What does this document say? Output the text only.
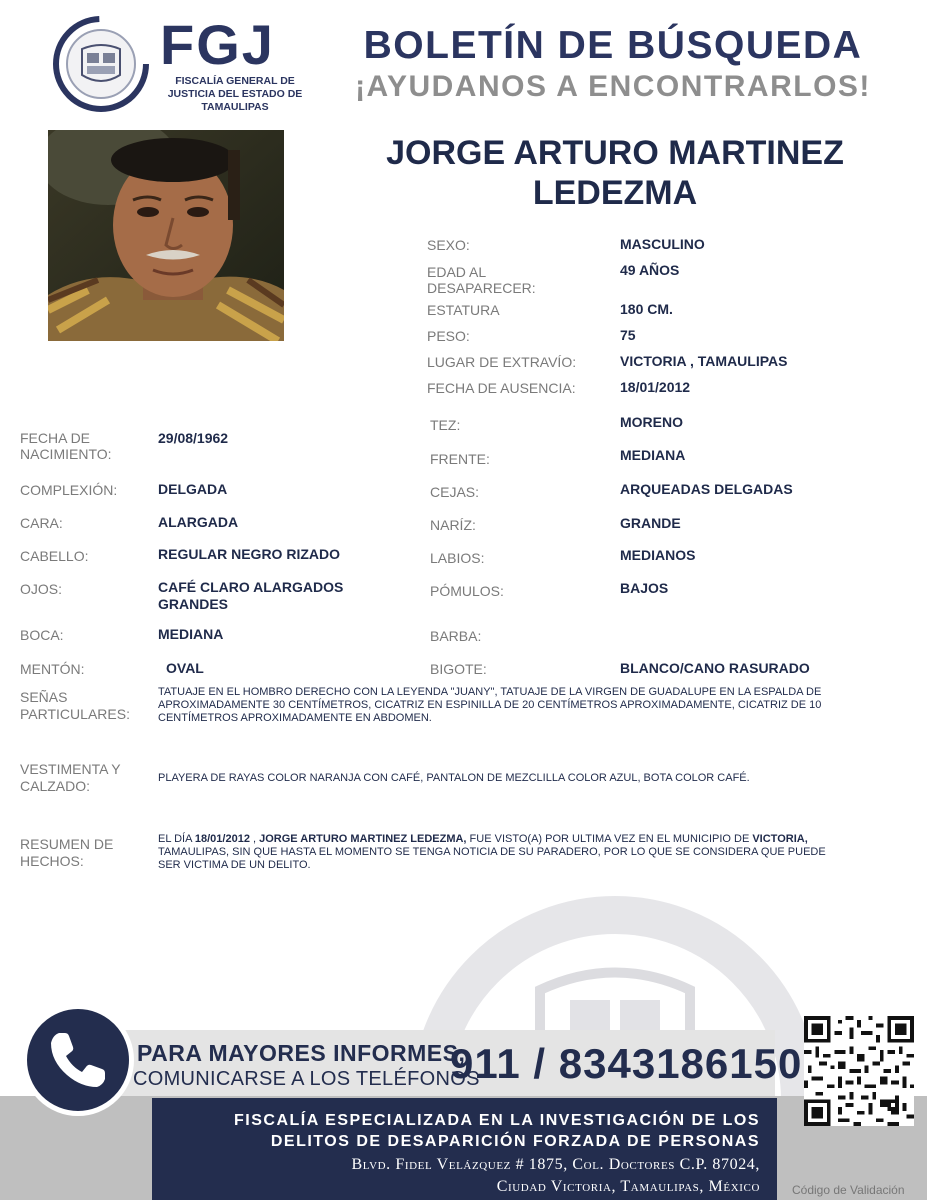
FGJ
FISCALÍA GENERAL DE JUSTICIA DEL ESTADO DE TAMAULIPAS
BOLETÍN DE BÚSQUEDA
¡AYUDANOS A ENCONTRARLOS!
JORGE ARTURO MARTINEZ
LEDEZMA
SEXO:	MASCULINO
EDAD AL
DESAPARECER:
49 AÑOS
ESTATURA	180 CM.
PESO:	75
LUGAR DE EXTRAVÍO:	VICTORIA , TAMAULIPAS
FECHA DE AUSENCIA:	18/01/2012
FECHA DE
NACIMIENTO:
29/08/1962
COMPLEXIÓN:	DELGADA
CARA:	ALARGADA
CABELLO:	REGULAR NEGRO RIZADO
OJOS:	CAFÉ CLARO ALARGADOS
GRANDES
BOCA:	MEDIANA
MENTÓN:	OVAL
TEZ:	MORENO
FRENTE:	MEDIANA
CEJAS:	ARQUEADAS DELGADAS
NARÍZ:	GRANDE
LABIOS:	MEDIANOS
PÓMULOS:	BAJOS
BARBA:
BIGOTE:	BLANCO/CANO RASURADO
SEÑAS
PARTICULARES:
TATUAJE EN EL HOMBRO DERECHO CON LA LEYENDA "JUANY", TATUAJE DE LA VIRGEN DE GUADALUPE EN LA ESPALDA DE APROXIMADAMENTE 30 CENTÍMETROS, CICATRIZ EN ESPINILLA DE 20 CENTÍMETROS APROXIMADAMENTE, CICATRIZ DE 10 CENTÍMETROS APROXIMADAMENTE EN ABDOMEN.
VESTIMENTA Y
CALZADO:	PLAYERA DE RAYAS COLOR NARANJA CON CAFÉ, PANTALON DE MEZCLILLA COLOR AZUL, BOTA COLOR CAFÉ.
RESUMEN DE
HECHOS:
EL DÍA 18/01/2012 , JORGE ARTURO MARTINEZ LEDEZMA, FUE VISTO(A) POR ULTIMA VEZ EN EL MUNICIPIO DE VICTORIA, TAMAULIPAS, SIN QUE HASTA EL MOMENTO SE TENGA NOTICIA DE SU PARADERO, POR LO QUE SE CONSIDERA QUE PUEDE SER VICTIMA DE UN DELITO.
PARA MAYORES INFORMES,
COMUNICARSE A LOS TELÉFONOS
911 / 8343186150
FISCALÍA ESPECIALIZADA EN LA INVESTIGACIÓN DE LOS
DELITOS DE DESAPARICIÓN FORZADA DE PERSONAS
Blvd. Fidel Velázquez # 1875, Col. Doctores C.P. 87024,
Ciudad Victoria, Tamaulipas, México	Código de Validación
